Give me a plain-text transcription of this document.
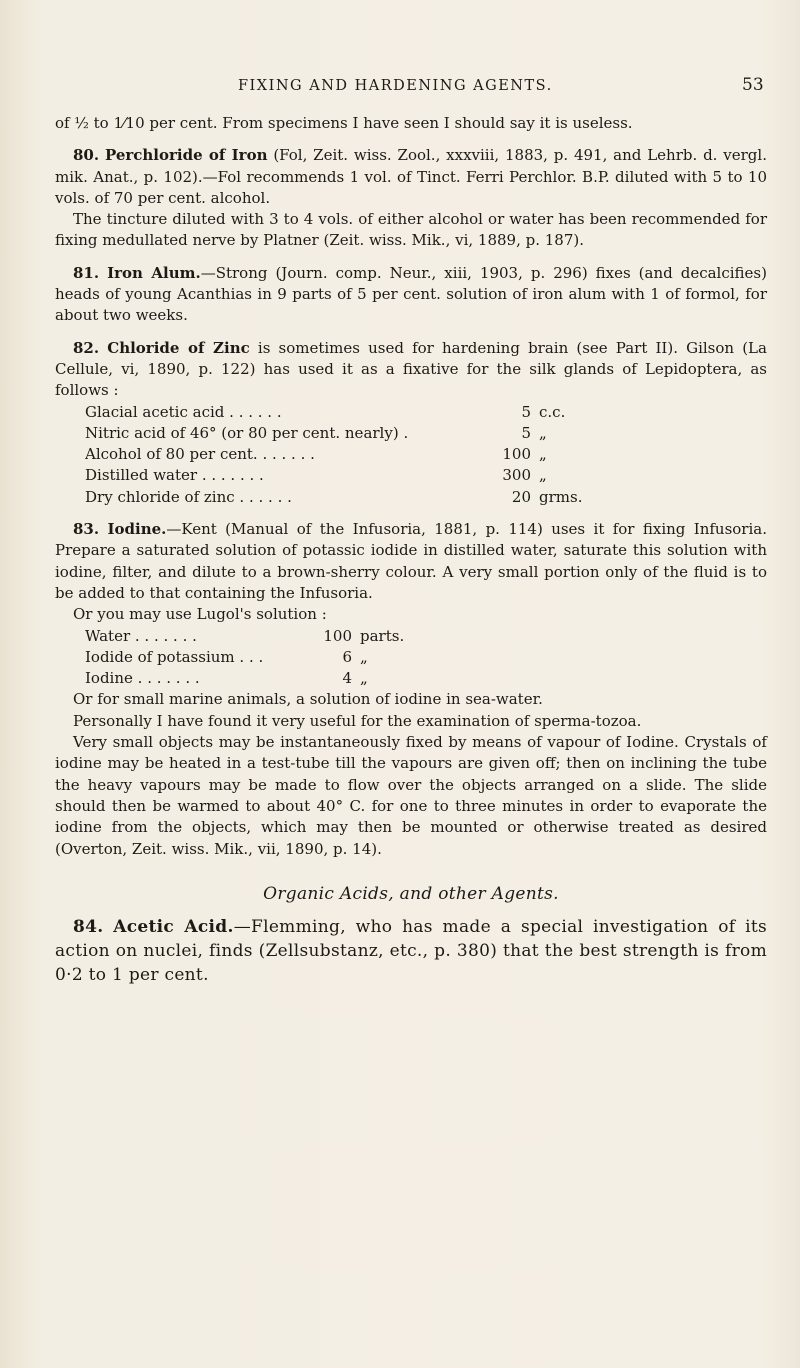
FIXING AND HARDENING AGENTS.	53

of ½ to 1⁄10 per cent. From specimens I have seen I should say it is useless.

80. Perchloride of Iron (Fol, Zeit. wiss. Zool., xxxviii, 1883, p. 491, and Lehrb. d. vergl. mik. Anat., p. 102).—Fol recommends 1 vol. of Tinct. Ferri Perchlor. B.P. diluted with 5 to 10 vols. of 70 per cent. alcohol.

The tincture diluted with 3 to 4 vols. of either alcohol or water has been recommended for fixing medullated nerve by Platner (Zeit. wiss. Mik., vi, 1889, p. 187).

81. Iron Alum.—Strong (Journ. comp. Neur., xiii, 1903, p. 296) fixes (and decalcifies) heads of young Acanthias in 9 parts of 5 per cent. solution of iron alum with 1 of formol, for about two weeks.

82. Chloride of Zinc is sometimes used for hardening brain (see Part II). Gilson (La Cellule, vi, 1890, p. 122) has used it as a fixative for the silk glands of Lepidoptera, as follows :

Glacial acetic acid . . . . . .	5 c.c.
Nitric acid of 46° (or 80 per cent. nearly) .	5 „
Alcohol of 80 per cent. . . . . . .	100 „
Distilled water . . . . . . .	300 „
Dry chloride of zinc . . . . . .	20 grms.

83. Iodine.—Kent (Manual of the Infusoria, 1881, p. 114) uses it for fixing Infusoria. Prepare a saturated solution of potassic iodide in distilled water, saturate this solution with iodine, filter, and dilute to a brown-sherry colour. A very small portion only of the fluid is to be added to that containing the Infusoria.

Or you may use Lugol's solution :

Water . . . . . . .	100 parts.
Iodide of potassium . . .	6 „
Iodine . . . . . . .	4 „

Or for small marine animals, a solution of iodine in sea-water.

Personally I have found it very useful for the examination of sperma-tozoa.

Very small objects may be instantaneously fixed by means of vapour of Iodine. Crystals of iodine may be heated in a test-tube till the vapours are given off; then on inclining the tube the heavy vapours may be made to flow over the objects arranged on a slide. The slide should then be warmed to about 40° C. for one to three minutes in order to evaporate the iodine from the objects, which may then be mounted or otherwise treated as desired (Overton, Zeit. wiss. Mik., vii, 1890, p. 14).

Organic Acids, and other Agents.

84. Acetic Acid.—Flemming, who has made a special investigation of its action on nuclei, finds (Zellsubstanz, etc., p. 380) that the best strength is from 0·2 to 1 per cent.
